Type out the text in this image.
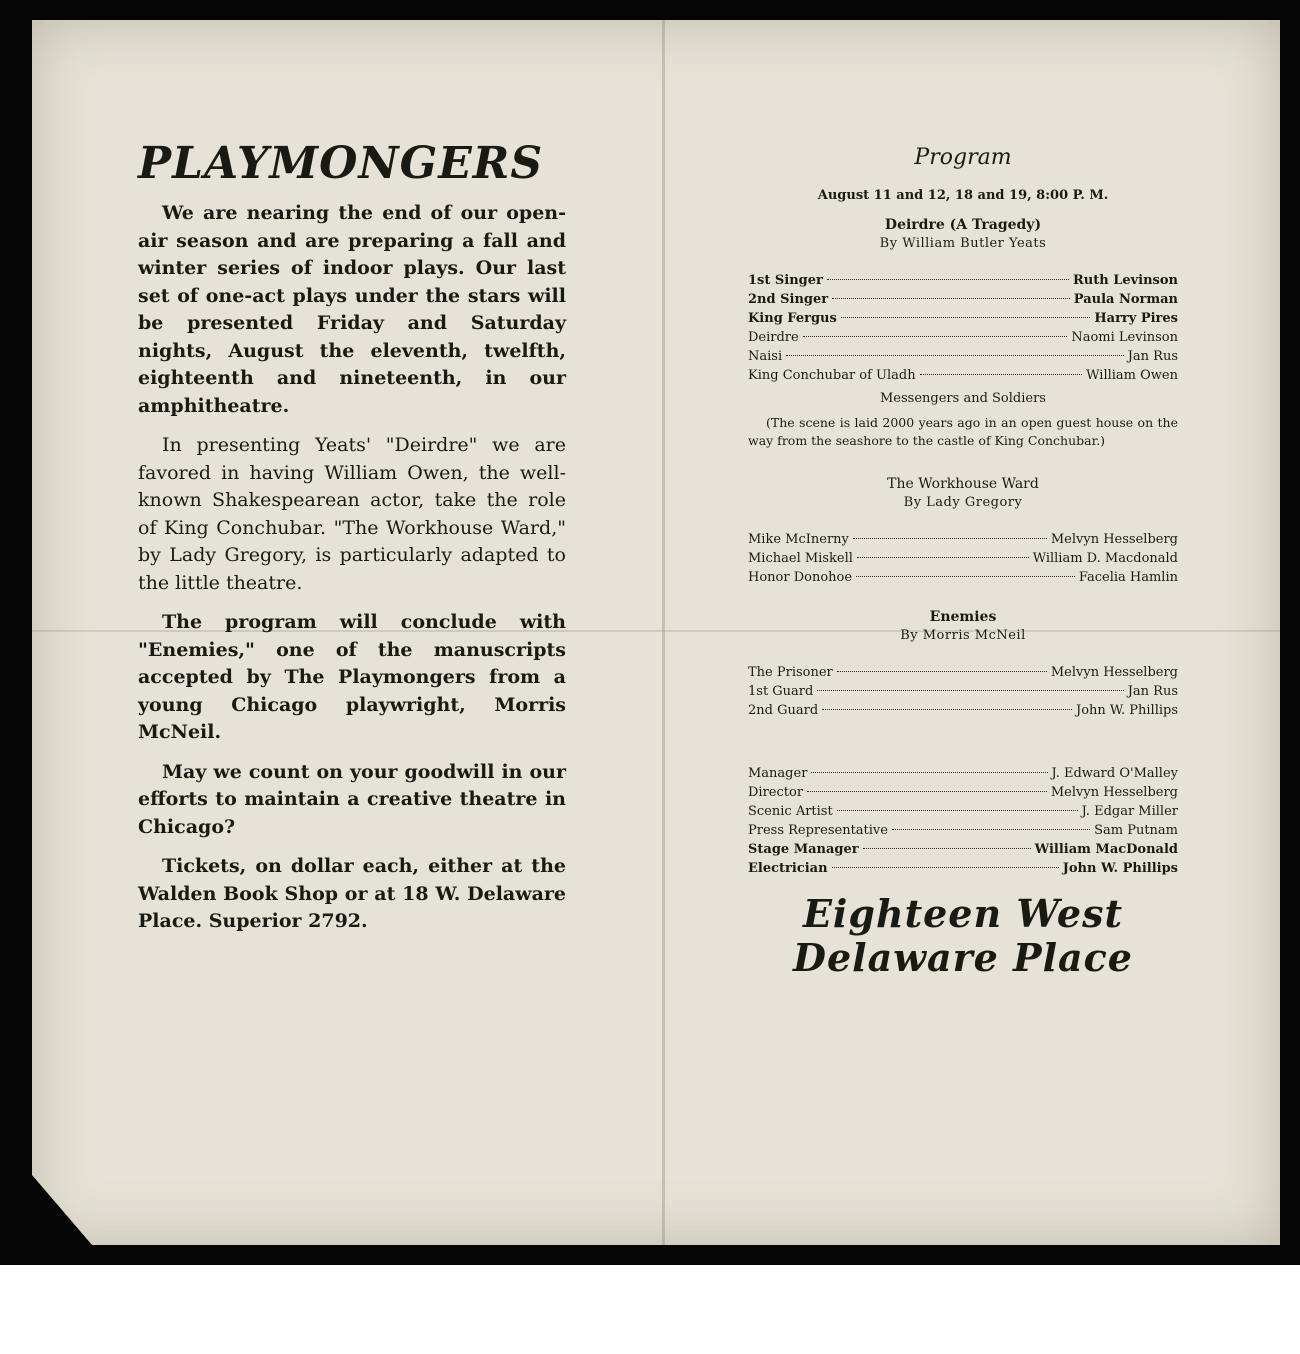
PLAYMONGERS

We are nearing the end of our open-air season and are preparing a fall and winter series of indoor plays. Our last set of one-act plays under the stars will be presented Friday and Saturday nights, August the eleventh, twelfth, eighteenth and nineteenth, in our amphitheatre.

In presenting Yeats' "Deirdre" we are favored in having William Owen, the well-known Shakespearean actor, take the role of King Conchubar. "The Workhouse Ward," by Lady Gregory, is particularly adapted to the little theatre.

The program will conclude with "Enemies," one of the manuscripts accepted by The Playmongers from a young Chicago playwright, Morris McNeil.

May we count on your goodwill in our efforts to maintain a creative theatre in Chicago?

Tickets, on dollar each, either at the Walden Book Shop or at 18 W. Delaware Place. Superior 2792.

Program

August 11 and 12, 18 and 19, 8:00 P. M.

Deirdre (A Tragedy)

By William Butler Yeats

1st Singer	Ruth Levinson
2nd Singer	Paula Norman
King Fergus	Harry Pires
Deirdre	Naomi Levinson
Naisi	Jan Rus
King Conchubar of Uladh	William Owen

Messengers and Soldiers

(The scene is laid 2000 years ago in an open guest house on the way from the seashore to the castle of King Conchubar.)

The Workhouse Ward

By Lady Gregory

Mike McInerny	Melvyn Hesselberg
Michael Miskell	William D. Macdonald
Honor Donohoe	Facelia Hamlin

Enemies

By Morris McNeil

The Prisoner	Melvyn Hesselberg
1st Guard	Jan Rus
2nd Guard	John W. Phillips
Manager	J. Edward O'Malley
Director	Melvyn Hesselberg
Scenic Artist	J. Edgar Miller
Press Representative	Sam Putnam
Stage Manager	William MacDonald
Electrician	John W. Phillips
Eighteen West
Delaware Place
